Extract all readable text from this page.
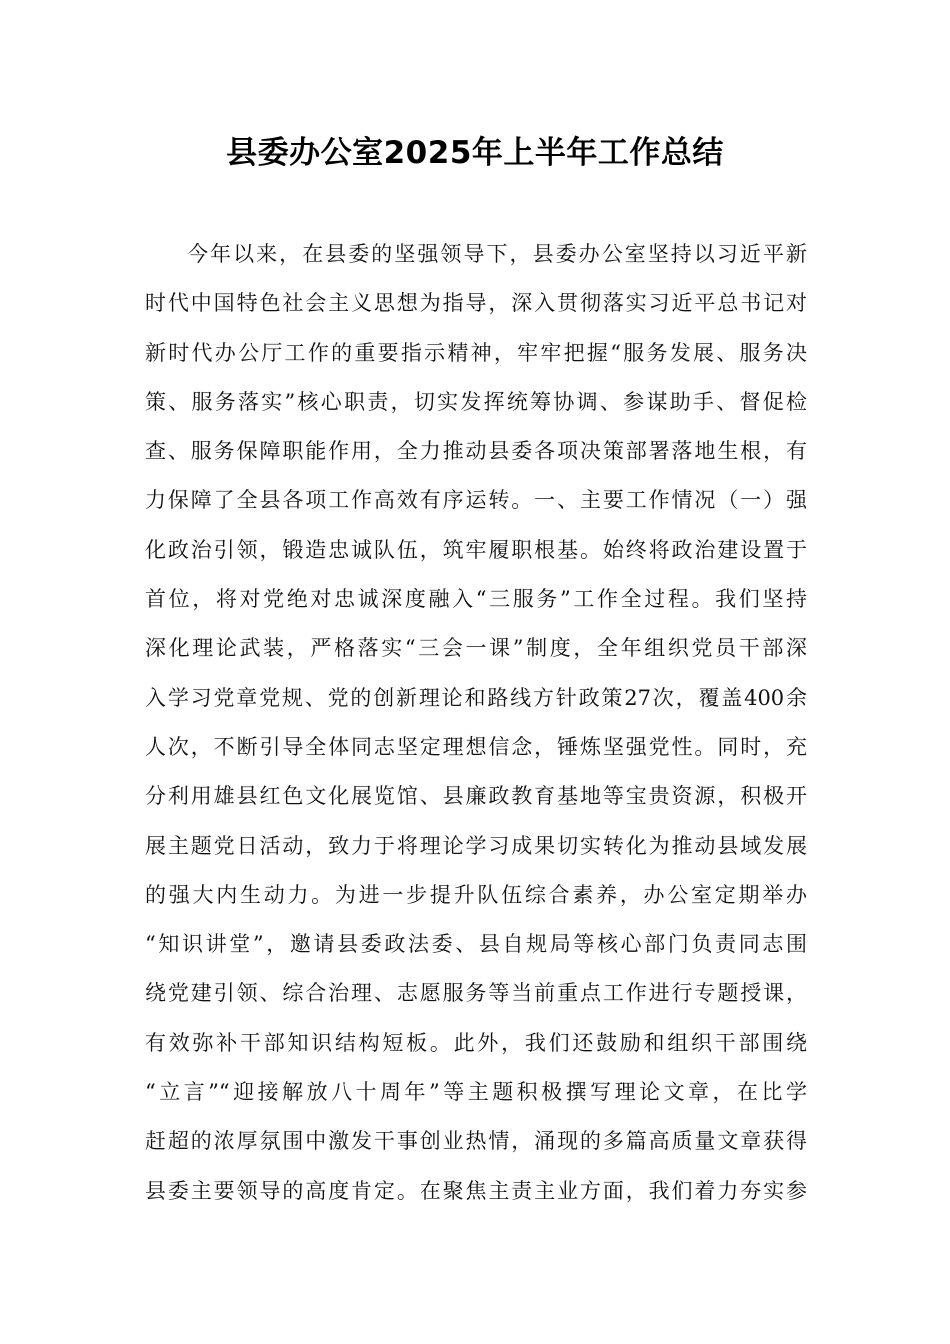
县委办公室2025年上半年工作总结
今年以来，在县委的坚强领导下，县委办公室坚持以习近平新
时代中国特色社会主义思想为指导，深入贯彻落实习近平总书记对
新时代办公厅工作的重要指示精神，牢牢把握“服务发展、服务决
策、服务落实”核心职责，切实发挥统筹协调、参谋助手、督促检
查、服务保障职能作用，全力推动县委各项决策部署落地生根，有
力保障了全县各项工作高效有序运转。一、主要工作情况（一）强
化政治引领，锻造忠诚队伍，筑牢履职根基。始终将政治建设置于
首位，将对党绝对忠诚深度融入“三服务”工作全过程。我们坚持
深化理论武装，严格落实“三会一课”制度，全年组织党员干部深
入学习党章党规、党的创新理论和路线方针政策27次，覆盖400余
人次，不断引导全体同志坚定理想信念，锤炼坚强党性。同时，充
分利用雄县红色文化展览馆、县廉政教育基地等宝贵资源，积极开
展主题党日活动，致力于将理论学习成果切实转化为推动县域发展
的强大内生动力。为进一步提升队伍综合素养，办公室定期举办
“知识讲堂”，邀请县委政法委、县自规局等核心部门负责同志围
绕党建引领、综合治理、志愿服务等当前重点工作进行专题授课，
有效弥补干部知识结构短板。此外，我们还鼓励和组织干部围绕
“立言”“迎接解放八十周年”等主题积极撰写理论文章，在比学
赶超的浓厚氛围中激发干事创业热情，涌现的多篇高质量文章获得
县委主要领导的高度肯定。在聚焦主责主业方面，我们着力夯实参
